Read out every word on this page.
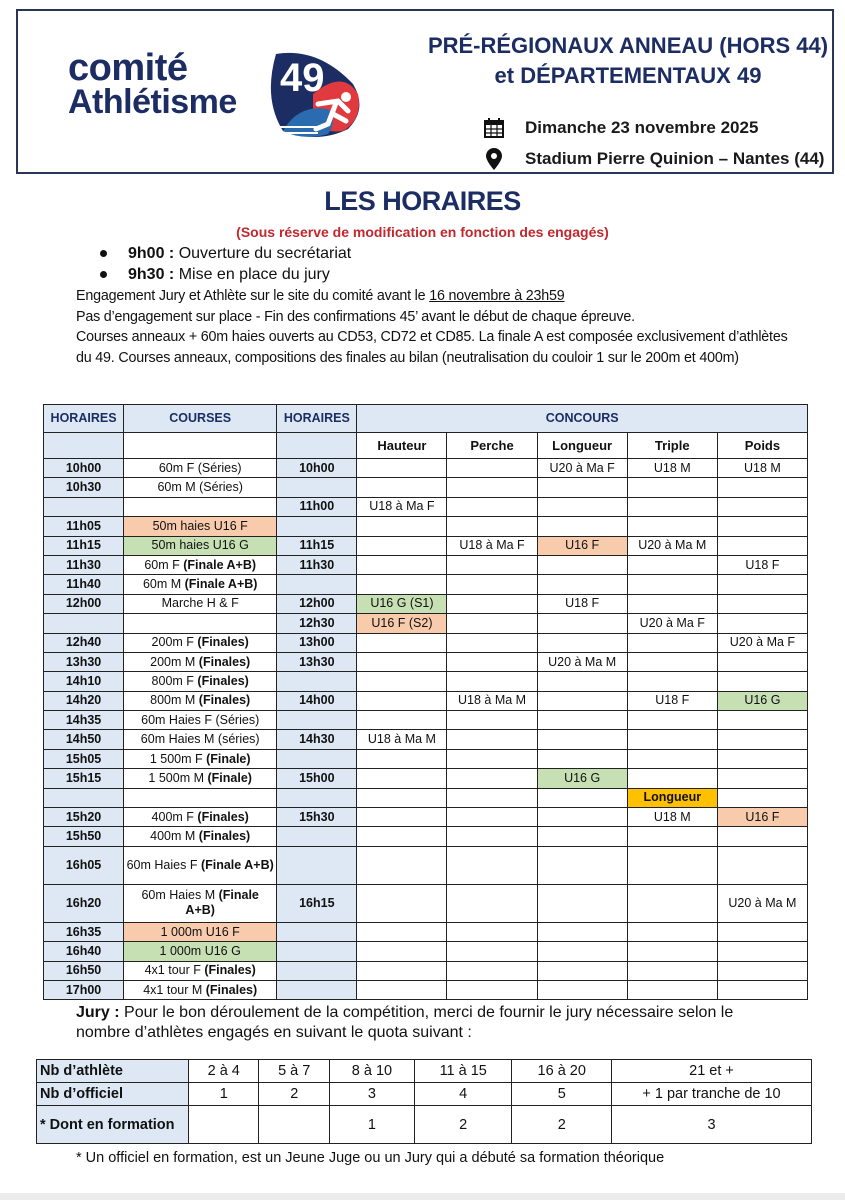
comité
Athlétisme
49
PRÉ-RÉGIONAUX ANNEAU (HORS 44)
et DÉPARTEMENTAUX 49
Dimanche 23 novembre 2025
Stadium Pierre Quinion – Nantes (44)
LES HORAIRES
(Sous réserve de modification en fonction des engagés)
9h00 : Ouverture du secrétariat
9h30 : Mise en place du jury
Engagement Jury et Athlète sur le site du comité avant le 16 novembre à 23h59
Pas d’engagement sur place - Fin des confirmations 45’ avant le début de chaque épreuve.
Courses anneaux + 60m haies ouverts au CD53, CD72 et CD85. La finale A est composée exclusivement d’athlètes du 49. Courses anneaux, compositions des finales au bilan (neutralisation du couloir 1 sur le 200m et 400m)
HORAIRES	COURSES	HORAIRES	CONCOURS				
			Hauteur	Perche	Longueur	Triple	Poids
10h00	60m F (Séries)	10h00			U20 à Ma F	U18 M	U18 M
10h30	60m M (Séries)						
		11h00	U18 à Ma F				
11h05	50m haies U16 F						
11h15	50m haies U16 G	11h15		U18 à Ma F	U16 F	U20 à Ma M	
11h30	60m F (Finale A+B)	11h30					U18 F
11h40	60m M (Finale A+B)						
12h00	Marche H & F	12h00	U16 G (S1)		U18 F		
		12h30	U16 F (S2)			U20 à Ma F	
12h40	200m F (Finales)	13h00					U20 à Ma F
13h30	200m M (Finales)	13h30			U20 à Ma M		
14h10	800m F (Finales)						
14h20	800m M (Finales)	14h00		U18 à Ma M		U18 F	U16 G
14h35	60m Haies F (Séries)						
14h50	60m Haies M (séries)	14h30	U18 à Ma M				
15h05	1 500m F (Finale)						
15h15	1 500m M (Finale)	15h00			U16 G		
						Longueur	
15h20	400m F (Finales)	15h30				U18 M	U16 F
15h50	400m M (Finales)						
16h05	60m Haies F (Finale A+B)						
16h20	60m Haies M (Finale A+B)	16h15					U20 à Ma M
16h35	1 000m U16 F						
16h40	1 000m U16 G						
16h50	4x1 tour F (Finales)						
17h00	4x1 tour M (Finales)						
Jury : Pour le bon déroulement de la compétition, merci de fournir le jury nécessaire selon le nombre d’athlètes engagés en suivant le quota suivant :
Nb d’athlète	2 à 4	5 à 7	8 à 10	11 à 15	16 à 20	21 et +
Nb d’officiel	1	2	3	4	5	+ 1 par tranche de 10
* Dont en formation			1	2	2	3
* Un officiel en formation, est un Jeune Juge ou un Jury qui a débuté sa formation théorique
